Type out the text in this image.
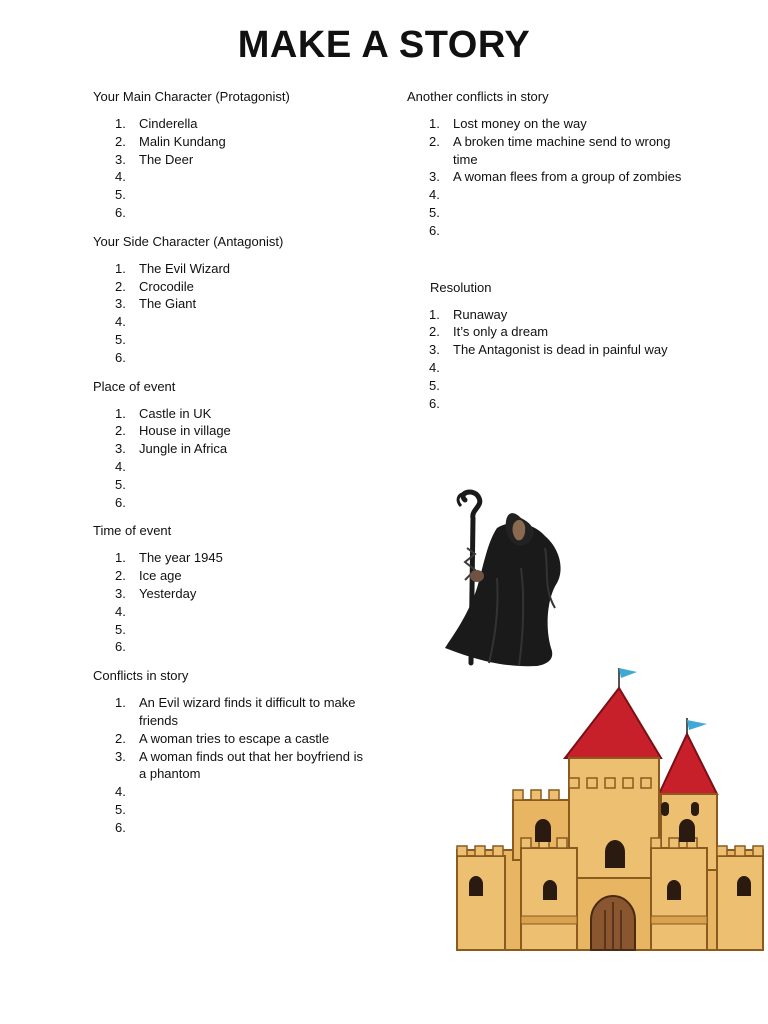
MAKE A STORY
Your Main Character (Protagonist)
1.	Cinderella
2.	Malin Kundang
3.	The Deer
4.

5.

6.

Your Side Character (Antagonist)
1.	The Evil Wizard
2.	Crocodile
3.	The Giant
4.

5.

6.

Place of event
1.	Castle in UK
2.	House in village
3.	Jungle in Africa
4.

5.

6.

Time of event
1.	The year 1945
2.	Ice age
3.	Yesterday
4.

5.

6.

Conflicts in story
1.	An Evil wizard finds it difficult to make friends
2.	A woman tries to escape a castle
3.	A woman finds out that her boyfriend is a phantom
4.

5.

6.

Another conflicts in story
1.	Lost money on the way
2.	A broken time machine send to wrong time
3.	A woman flees from a group of zombies
4.

5.

6.

Resolution
1.	Runaway
2.	It’s only a dream
3.	The Antagonist is dead in painful way
4.

5.

6.
